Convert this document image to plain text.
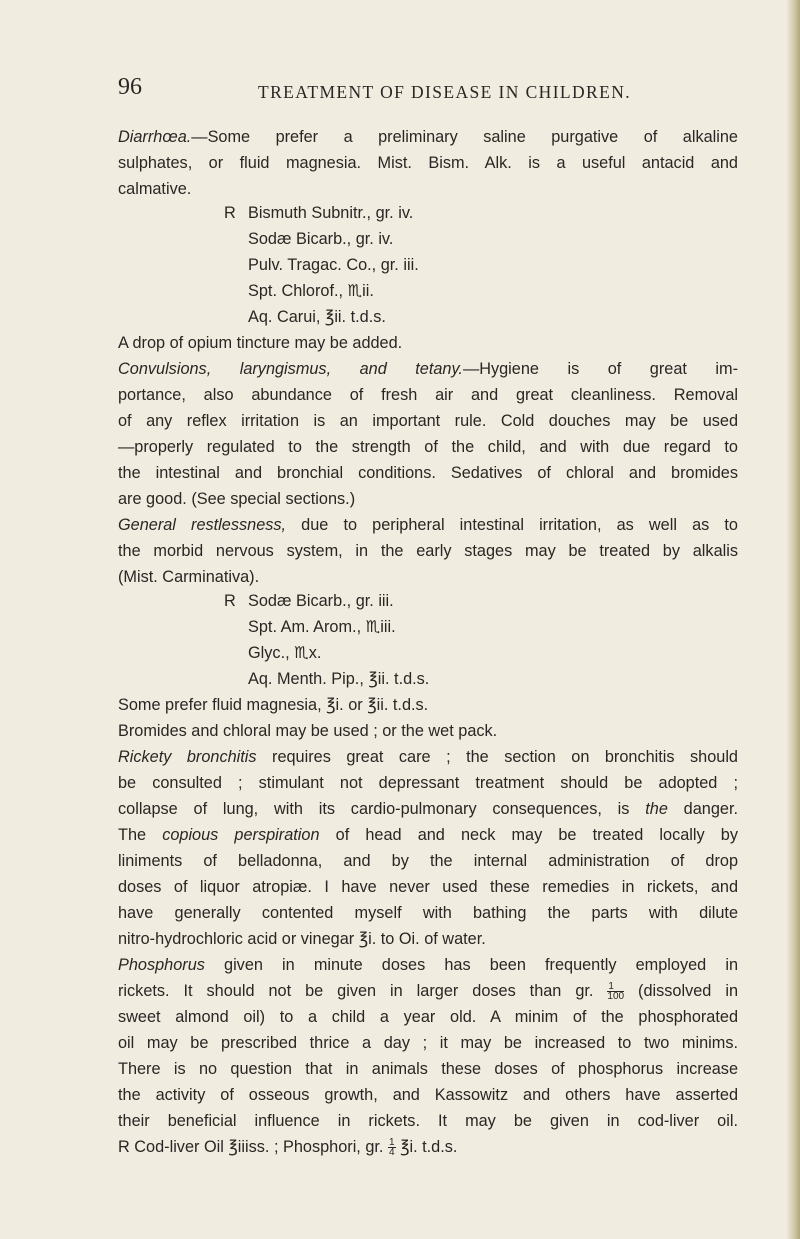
96	TREATMENT OF DISEASE IN CHILDREN.
Diarrhœa.—Some prefer a preliminary saline purgative of alkaline
sulphates, or fluid magnesia. Mist. Bism. Alk. is a useful antacid and
calmative.
R Bismuth Subnitr., gr. iv.
Sodæ Bicarb., gr. iv.
Pulv. Tragac. Co., gr. iii.
Spt. Chlorof., ♏ii.
Aq. Carui, ℥ii. t.d.s.
A drop of opium tincture may be added.
Convulsions, laryngismus, and tetany.—Hygiene is of great im-
portance, also abundance of fresh air and great cleanliness. Removal
of any reflex irritation is an important rule. Cold douches may be used
—properly regulated to the strength of the child, and with due regard to
the intestinal and bronchial conditions. Sedatives of chloral and bromides
are good. (See special sections.)
General restlessness, due to peripheral intestinal irritation, as well as to
the morbid nervous system, in the early stages may be treated by alkalis
(Mist. Carminativa).
R Sodæ Bicarb., gr. iii.
Spt. Am. Arom., ♏iii.
Glyc., ♏x.
Aq. Menth. Pip., ℥ii. t.d.s.
Some prefer fluid magnesia, ℥i. or ℥ii. t.d.s.
Bromides and chloral may be used ; or the wet pack.
Rickety bronchitis requires great care ; the section on bronchitis should
be consulted ; stimulant not depressant treatment should be adopted ;
collapse of lung, with its cardio-pulmonary consequences, is the danger.
The copious perspiration of head and neck may be treated locally by
liniments of belladonna, and by the internal administration of drop
doses of liquor atropiæ. I have never used these remedies in rickets, and
have generally contented myself with bathing the parts with dilute
nitro-hydrochloric acid or vinegar ℥i. to Oi. of water.
Phosphorus given in minute doses has been frequently employed in
rickets. It should not be given in larger doses than gr. $\frac{1}{100}$ (dissolved in
sweet almond oil) to a child a year old. A minim of the phosphorated
oil may be prescribed thrice a day ; it may be increased to two minims.
There is no question that in animals these doses of phosphorus increase
the activity of osseous growth, and Kassowitz and others have asserted
their beneficial influence in rickets. It may be given in cod-liver oil.
R Cod-liver Oil ℥iiiss. ; Phosphori, gr. $\frac{1}{4}$ ℥i. t.d.s.
